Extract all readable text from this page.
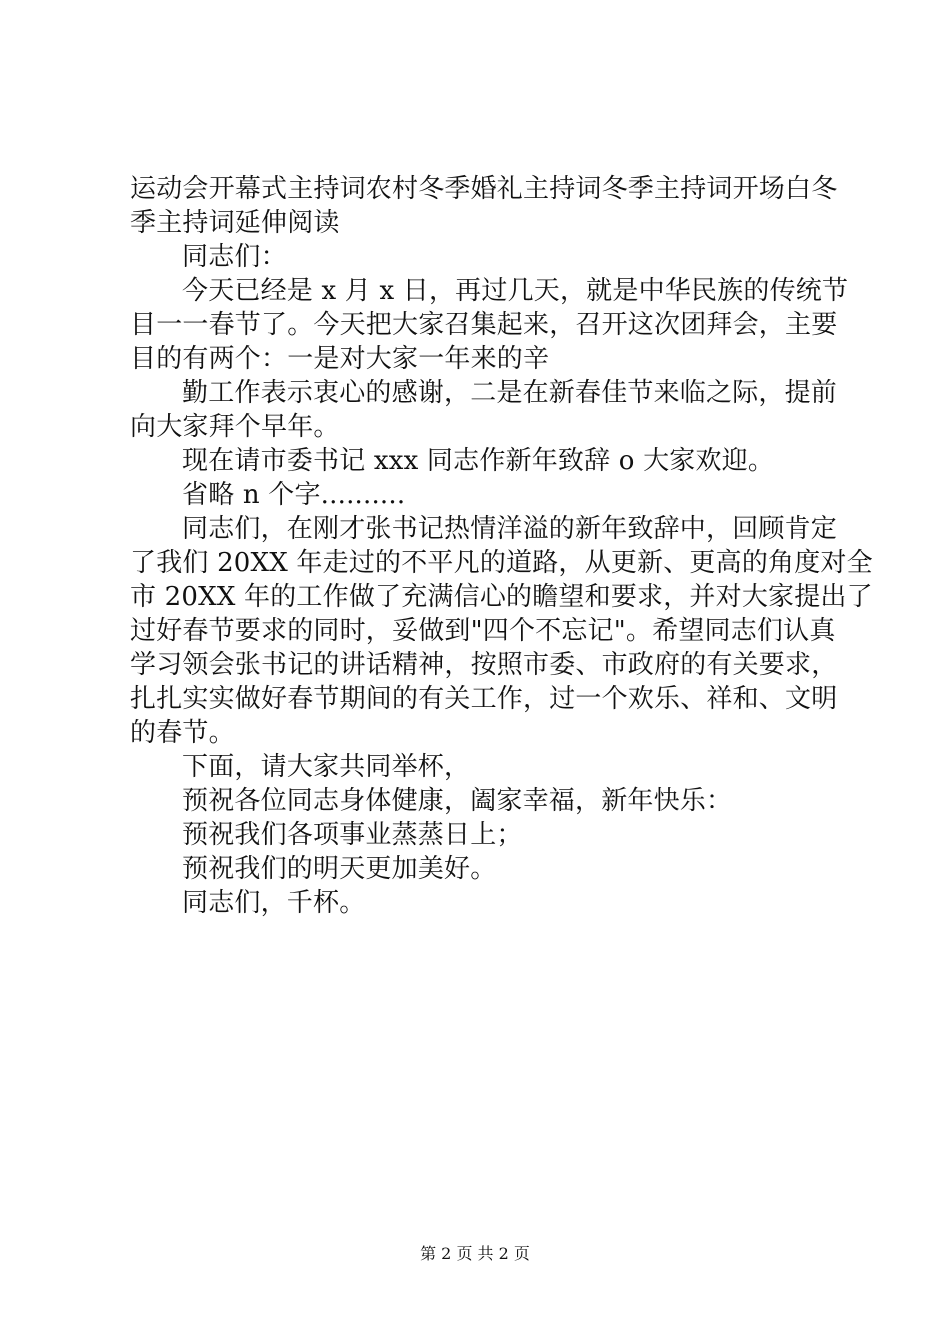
运动会开幕式主持词农村冬季婚礼主持词冬季主持词开场白冬
季主持词延伸阅读
同志们：
今天已经是 x 月 x 日，再过几天，就是中华民族的传统节
目一一春节了。今天把大家召集起来，召开这次团拜会，主要
目的有两个：一是对大家一年来的辛
勤工作表示衷心的感谢，二是在新春佳节来临之际，提前
向大家拜个早年。
现在请市委书记 xxx 同志作新年致辞 o 大家欢迎。
省略 n 个字..........
同志们，在刚才张书记热情洋溢的新年致辞中，回顾肯定
了我们 20XX 年走过的不平凡的道路，从更新、更高的角度对全
市 20XX 年的工作做了充满信心的瞻望和要求，并对大家提出了
过好春节要求的同时，妥做到"四个不忘记"。希望同志们认真
学习领会张书记的讲话精神，按照市委、市政府的有关要求，
扎扎实实做好春节期间的有关工作，过一个欢乐、祥和、文明
的春节。
下面，请大家共同举杯，
预祝各位同志身体健康，阖家幸福，新年快乐：
预祝我们各项事业蒸蒸日上；
预祝我们的明天更加美好。
同志们，千杯。
第 2 页 共 2 页
